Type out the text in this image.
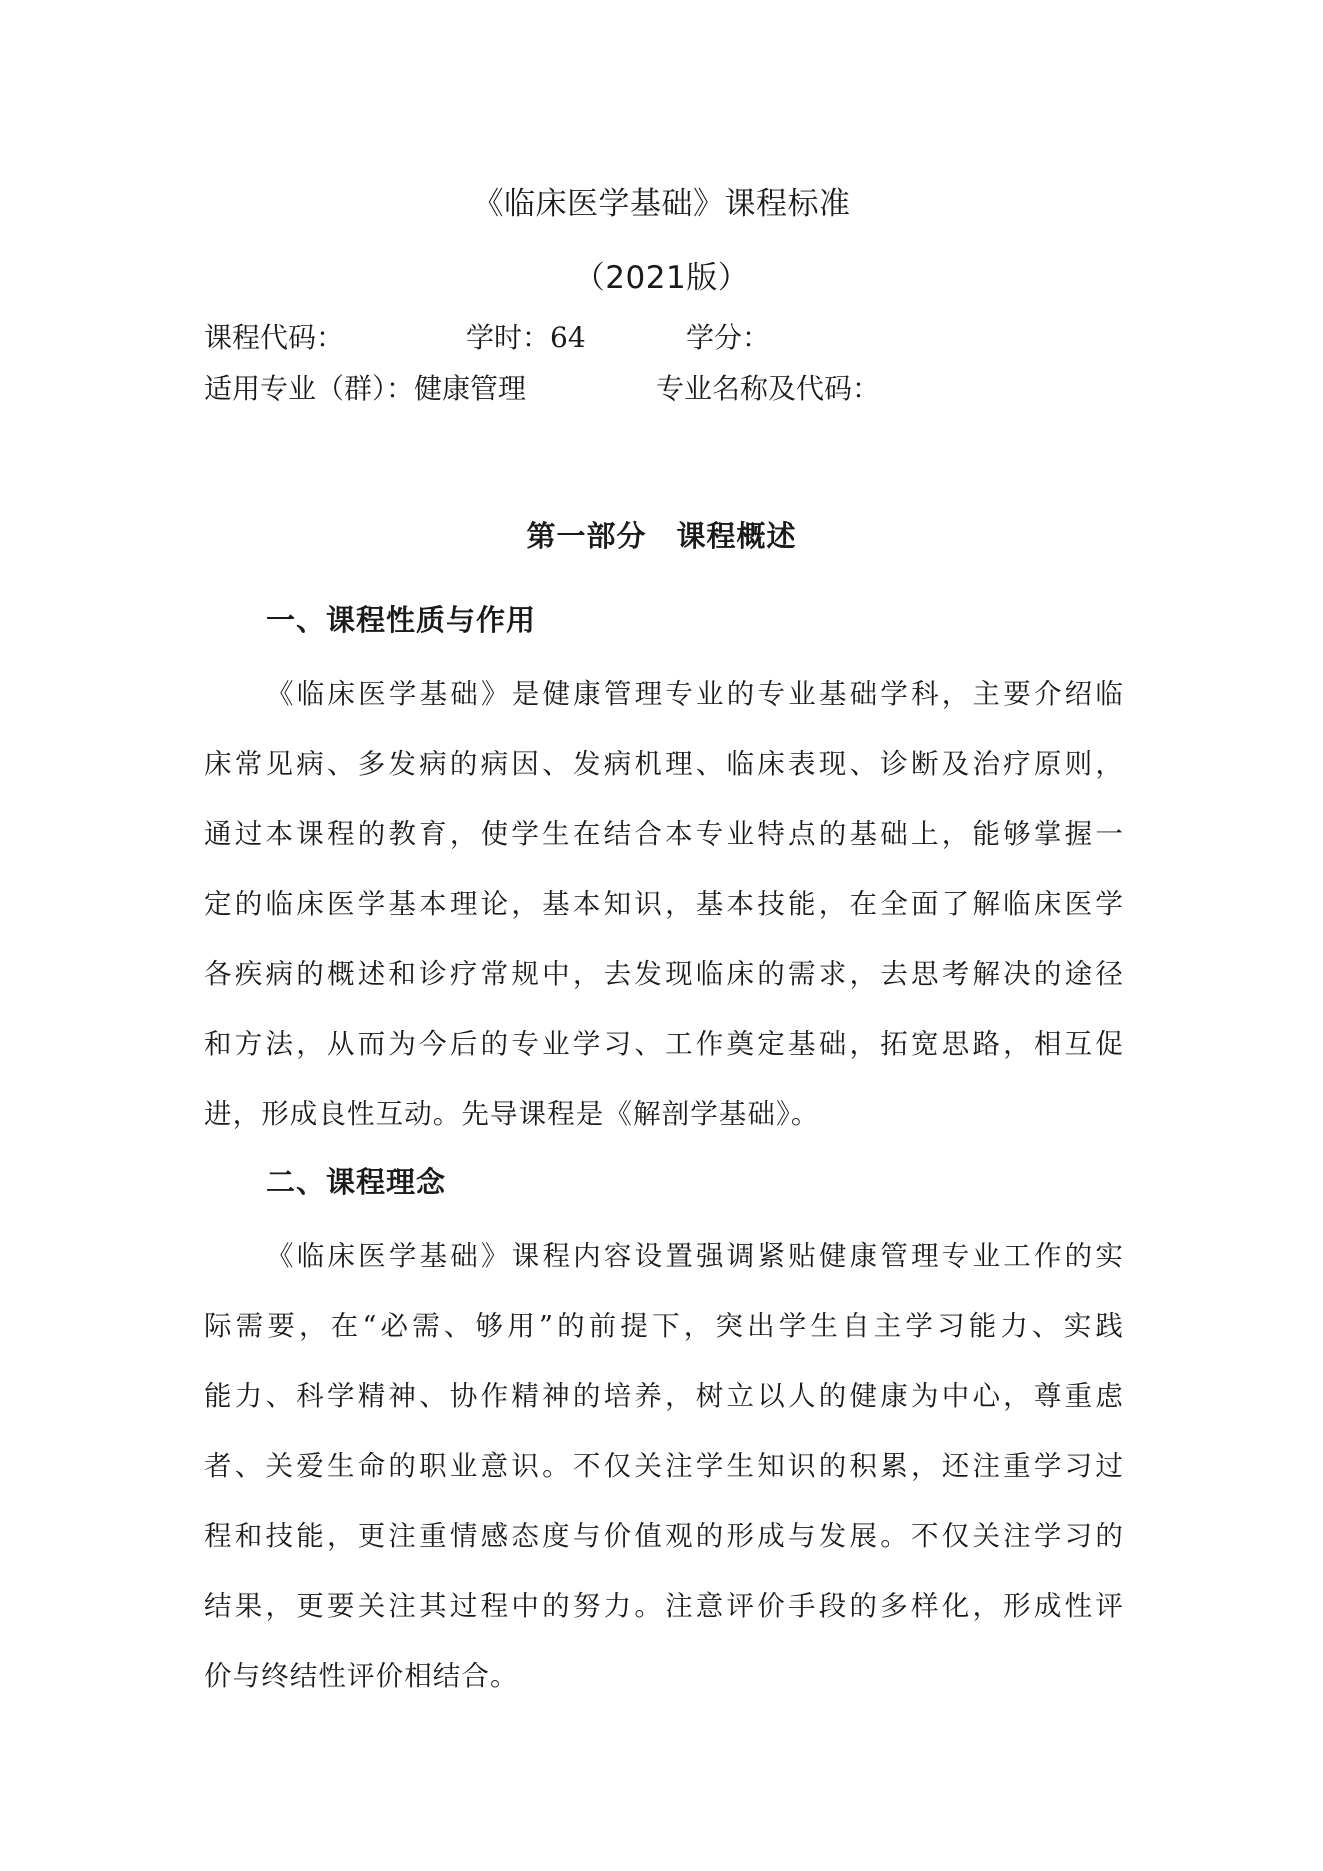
《临床医学基础》课程标准
（2021版）
课程代码：	学时：64	学分：
适用专业（群）：健康管理	专业名称及代码：
第一部分　课程概述
一、课程性质与作用
《临床医学基础》是健康管理专业的专业基础学科，主要介绍临
床常见病、多发病的病因、发病机理、临床表现、诊断及治疗原则，
通过本课程的教育，使学生在结合本专业特点的基础上，能够掌握一
定的临床医学基本理论，基本知识，基本技能，在全面了解临床医学
各疾病的概述和诊疗常规中，去发现临床的需求，去思考解决的途径
和方法，从而为今后的专业学习、工作奠定基础，拓宽思路，相互促
进，形成良性互动。先导课程是《解剖学基础》。
二、课程理念
《临床医学基础》课程内容设置强调紧贴健康管理专业工作的实
际需要，在“必需、够用”的前提下，突出学生自主学习能力、实践
能力、科学精神、协作精神的培养，树立以人的健康为中心，尊重虑
者、关爱生命的职业意识。不仅关注学生知识的积累，还注重学习过
程和技能，更注重情感态度与价值观的形成与发展。不仅关注学习的
结果，更要关注其过程中的努力。注意评价手段的多样化，形成性评
价与终结性评价相结合。
